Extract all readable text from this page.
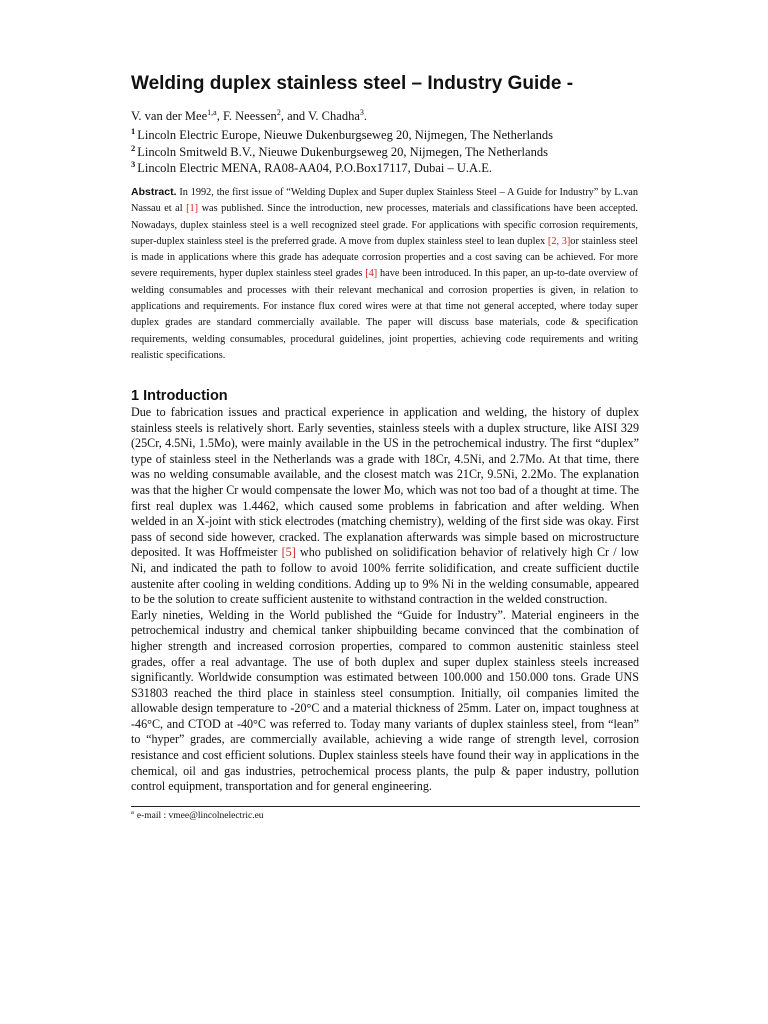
Welding duplex stainless steel – Industry Guide -
V. van der Mee$^{1,a}$, F. Neessen$^2$, and V. Chadha$^3$.
$^1$ Lincoln Electric Europe, Nieuwe Dukenburgseweg 20, Nijmegen, The Netherlands
$^2$ Lincoln Smitweld B.V., Nieuwe Dukenburgseweg 20, Nijmegen, The Netherlands
$^3$ Lincoln Electric MENA, RA08-AA04, P.O.Box17117, Dubai – U.A.E.

Abstract. In 1992, the first issue of “Welding Duplex and Super duplex Stainless Steel – A Guide for Industry” by L.van Nassau et al [1] was published. Since the introduction, new processes, materials and classifications have been accepted. Nowadays, duplex stainless steel is a well recognized steel grade. For applications with specific corrosion requirements, super-duplex stainless steel is the preferred grade. A move from duplex stainless steel to lean duplex [2, 3]or stainless steel is made in applications where this grade has adequate corrosion properties and a cost saving can be achieved. For more severe requirements, hyper duplex stainless steel grades [4] have been introduced. In this paper, an up-to-date overview of welding consumables and processes with their relevant mechanical and corrosion properties is given, in relation to applications and requirements. For instance flux cored wires were at that time not general accepted, where today super duplex grades are standard commercially available. The paper will discuss base materials, code & specification requirements, welding consumables, procedural guidelines, joint properties, achieving code requirements and writing realistic specifications.

1 Introduction

Due to fabrication issues and practical experience in application and welding, the history of duplex stainless steels is relatively short. Early seventies, stainless steels with a duplex structure, like AISI 329 (25Cr, 4.5Ni, 1.5Mo), were mainly available in the US in the petrochemical industry. The first “duplex” type of stainless steel in the Netherlands was a grade with 18Cr, 4.5Ni, and 2.7Mo. At that time, there was no welding consumable available, and the closest match was 21Cr, 9.5Ni, 2.2Mo. The explanation was that the higher Cr would compensate the lower Mo, which was not too bad of a thought at time. The first real duplex was 1.4462, which caused some problems in fabrication and after welding. When welded in an X-joint with stick electrodes (matching chemistry), welding of the first side was okay. First pass of second side however, cracked. The explanation afterwards was simple based on microstructure deposited. It was Hoffmeister [5] who published on solidification behavior of relatively high Cr / low Ni, and indicated the path to follow to avoid 100% ferrite solidification, and create sufficient ductile austenite after cooling in welding conditions. Adding up to 9% Ni in the welding consumable, appeared to be the solution to create sufficient austenite to withstand contraction in the welded construction.

Early nineties, Welding in the World published the “Guide for Industry”. Material engineers in the petrochemical industry and chemical tanker shipbuilding became convinced that the combination of higher strength and increased corrosion properties, compared to common austenitic stainless steel grades, offer a real advantage. The use of both duplex and super duplex stainless steels increased significantly. Worldwide consumption was estimated between 100.000 and 150.000 tons. Grade UNS S31803 reached the third place in stainless steel consumption. Initially, oil companies limited the allowable design temperature to -20°C and a material thickness of 25mm. Later on, impact toughness at -46°C, and CTOD at -40°C was referred to. Today many variants of duplex stainless steel, from “lean” to “hyper” grades, are commercially available, achieving a wide range of strength level, corrosion resistance and cost efficient solutions. Duplex stainless steels have found their way in applications in the chemical, oil and gas industries, petrochemical process plants, the pulp & paper industry, pollution control equipment, transportation and for general engineering.

$^a$ e-mail : vmee@lincolnelectric.eu
